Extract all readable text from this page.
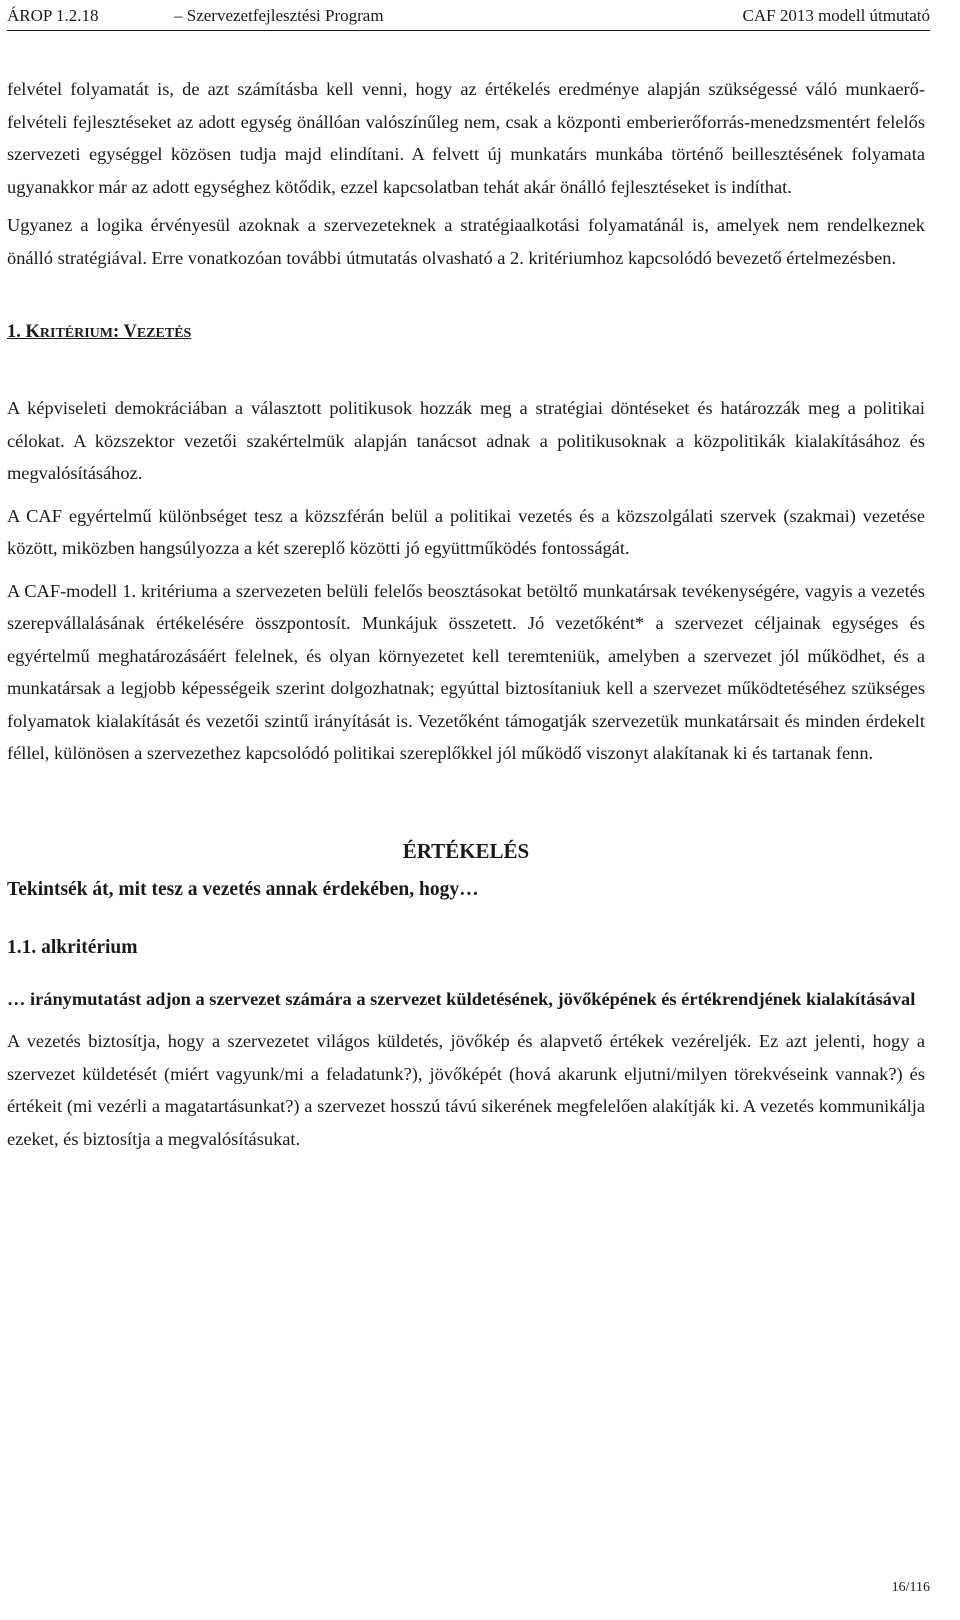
ÁROP 1.2.18	– Szervezetfejlesztési Program	CAF 2013 modell útmutató

felvétel folyamatát is, de azt számításba kell venni, hogy az értékelés eredménye alapján szükségessé váló munkaerő-felvételi fejlesztéseket az adott egység önállóan valószínűleg nem, csak a központi emberierőforrás-menedzsmentért felelős szervezeti egységgel közösen tudja majd elindítani. A felvett új munkatárs munkába történő beillesztésének folyamata ugyanakkor már az adott egységhez kötődik, ezzel kapcsolatban tehát akár önálló fejlesztéseket is indíthat.

Ugyanez a logika érvényesül azoknak a szervezeteknek a stratégiaalkotási folyamatánál is, amelyek nem rendelkeznek önálló stratégiával. Erre vonatkozóan további útmutatás olvasható a 2. kritériumhoz kapcsolódó bevezető értelmezésben.

1. KRITÉRIUM: VEZETÉS

A képviseleti demokráciában a választott politikusok hozzák meg a stratégiai döntéseket és határozzák meg a politikai célokat. A közszektor vezetői szakértelmük alapján tanácsot adnak a politikusoknak a közpolitikák kialakításához és megvalósításához.

A CAF egyértelmű különbséget tesz a közszférán belül a politikai vezetés és a közszolgálati szervek (szakmai) vezetése között, miközben hangsúlyozza a két szereplő közötti jó együttműködés fontosságát.

A CAF-modell 1. kritériuma a szervezeten belüli felelős beosztásokat betöltő munkatársak tevékenységére, vagyis a vezetés szerepvállalásának értékelésére összpontosít. Munkájuk összetett. Jó vezetőként* a szervezet céljainak egységes és egyértelmű meghatározásáért felelnek, és olyan környezetet kell teremteniük, amelyben a szervezet jól működhet, és a munkatársak a legjobb képességeik szerint dolgozhatnak; egyúttal biztosítaniuk kell a szervezet működtetéséhez szükséges folyamatok kialakítását és vezetői szintű irányítását is. Vezetőként támogatják szervezetük munkatársait és minden érdekelt féllel, különösen a szervezethez kapcsolódó politikai szereplőkkel jól működő viszonyt alakítanak ki és tartanak fenn.

ÉRTÉKELÉS
Tekintsék át, mit tesz a vezetés annak érdekében, hogy…
1.1. alkritérium
… iránymutatást adjon a szervezet számára a szervezet küldetésének, jövőképének és értékrendjének kialakításával

A vezetés biztosítja, hogy a szervezetet világos küldetés, jövőkép és alapvető értékek vezéreljék. Ez azt jelenti, hogy a szervezet küldetését (miért vagyunk/mi a feladatunk?), jövőképét (hová akarunk eljutni/milyen törekvéseink vannak?) és értékeit (mi vezérli a magatartásunkat?) a szervezet hosszú távú sikerének megfelelően alakítják ki. A vezetés kommunikálja ezeket, és biztosítja a megvalósításukat.

16/116
